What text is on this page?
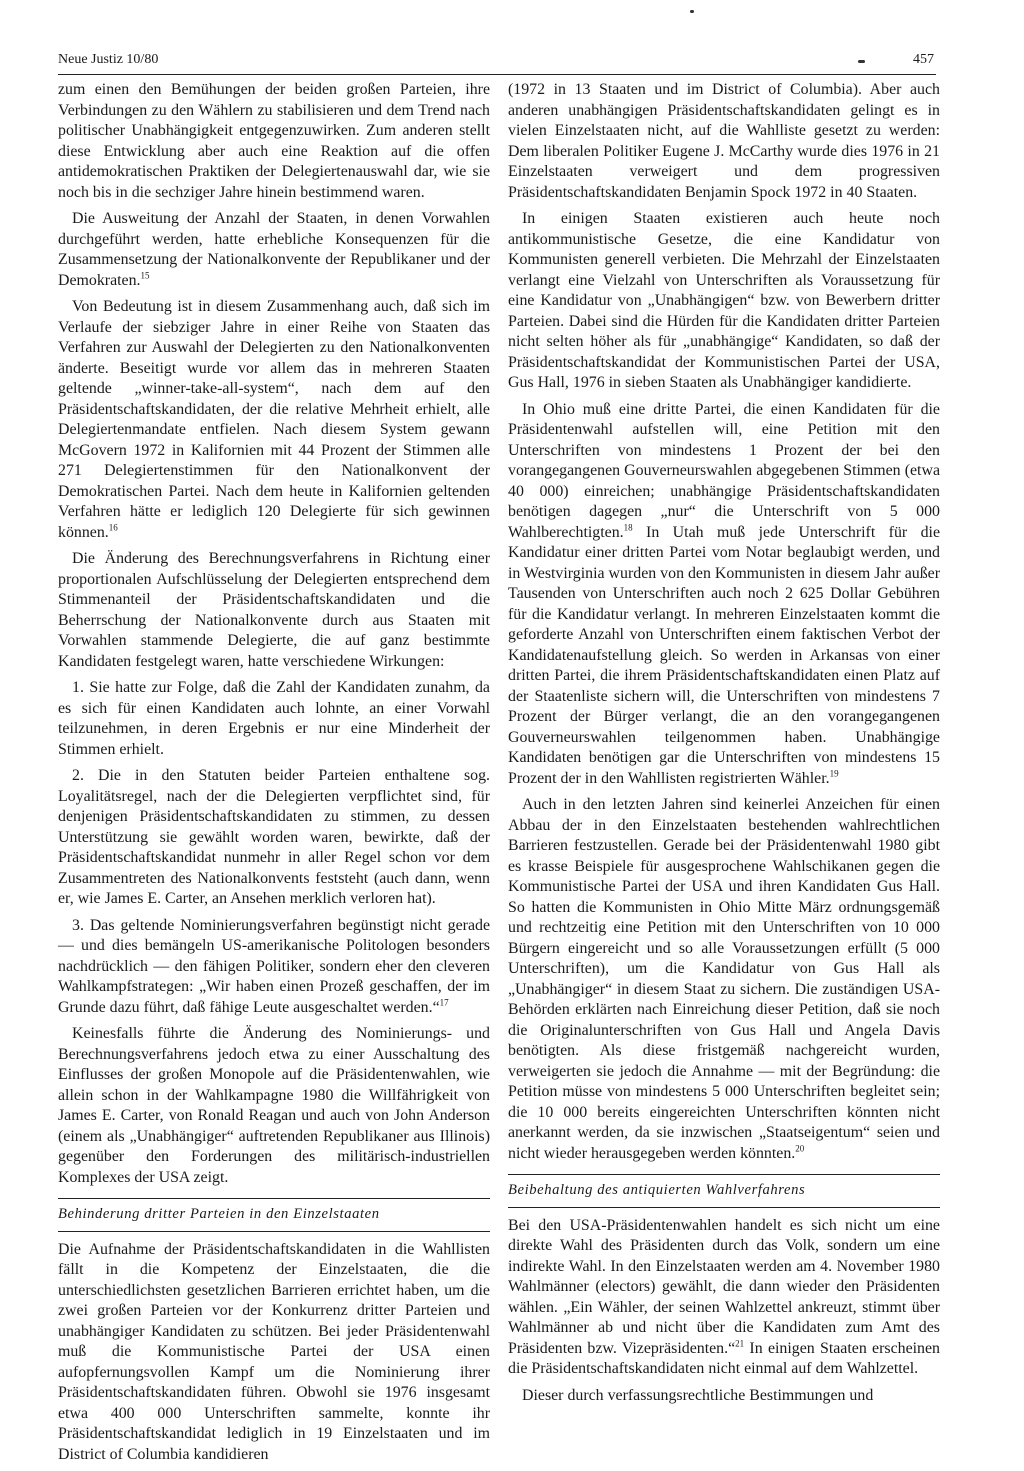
Neue Justiz 10/80	457

zum einen den Bemühungen der beiden großen Parteien, ihre Verbindungen zu den Wählern zu stabilisieren und dem Trend nach politischer Unabhängigkeit entgegenzuwirken. Zum anderen stellt diese Entwicklung aber auch eine Reaktion auf die offen antidemokratischen Praktiken der Delegiertenauswahl dar, wie sie noch bis in die sechziger Jahre hinein bestimmend waren.

Die Ausweitung der Anzahl der Staaten, in denen Vorwahlen durchgeführt werden, hatte erhebliche Konsequenzen für die Zusammensetzung der Nationalkonvente der Republikaner und der Demokraten.$^{15}$

Von Bedeutung ist in diesem Zusammenhang auch, daß sich im Verlaufe der siebziger Jahre in einer Reihe von Staaten das Verfahren zur Auswahl der Delegierten zu den Nationalkonventen änderte. Beseitigt wurde vor allem das in mehreren Staaten geltende „winner-take-all-system“, nach dem auf den Präsidentschaftskandidaten, der die relative Mehrheit erhielt, alle Delegiertenmandate entfielen. Nach diesem System gewann McGovern 1972 in Kalifornien mit 44 Prozent der Stimmen alle 271 Delegiertenstimmen für den Nationalkonvent der Demokratischen Partei. Nach dem heute in Kalifornien geltenden Verfahren hätte er lediglich 120 Delegierte für sich gewinnen können.$^{16}$

Die Änderung des Berechnungsverfahrens in Richtung einer proportionalen Aufschlüsselung der Delegierten entsprechend dem Stimmenanteil der Präsidentschaftskandidaten und die Beherrschung der Nationalkonvente durch aus Staaten mit Vorwahlen stammende Delegierte, die auf ganz bestimmte Kandidaten festgelegt waren, hatte verschiedene Wirkungen:

1. Sie hatte zur Folge, daß die Zahl der Kandidaten zunahm, da es sich für einen Kandidaten auch lohnte, an einer Vorwahl teilzunehmen, in deren Ergebnis er nur eine Minderheit der Stimmen erhielt.

2. Die in den Statuten beider Parteien enthaltene sog. Loyalitätsregel, nach der die Delegierten verpflichtet sind, für denjenigen Präsidentschaftskandidaten zu stimmen, zu dessen Unterstützung sie gewählt worden waren, bewirkte, daß der Präsidentschaftskandidat nunmehr in aller Regel schon vor dem Zusammentreten des Nationalkonvents feststeht (auch dann, wenn er, wie James E. Carter, an Ansehen merklich verloren hat).

3. Das geltende Nominierungsverfahren begünstigt nicht gerade — und dies bemängeln US-amerikanische Politologen besonders nachdrücklich — den fähigen Politiker, sondern eher den cleveren Wahlkampfstrategen: „Wir haben einen Prozeß geschaffen, der im Grunde dazu führt, daß fähige Leute ausgeschaltet werden.“$^{17}$

Keinesfalls führte die Änderung des Nominierungs- und Berechnungsverfahrens jedoch etwa zu einer Ausschaltung des Einflusses der großen Monopole auf die Präsidentenwahlen, wie allein schon in der Wahlkampagne 1980 die Willfährigkeit von James E. Carter, von Ronald Reagan und auch von John Anderson (einem als „Unabhängiger“ auftretenden Republikaner aus Illinois) gegenüber den Forderungen des militärisch-industriellen Komplexes der USA zeigt.

Behinderung dritter Parteien in den Einzelstaaten

Die Aufnahme der Präsidentschaftskandidaten in die Wahllisten fällt in die Kompetenz der Einzelstaaten, die die unterschiedlichsten gesetzlichen Barrieren errichtet haben, um die zwei großen Parteien vor der Konkurrenz dritter Parteien und unabhängiger Kandidaten zu schützen. Bei jeder Präsidentenwahl muß die Kommunistische Partei der USA einen aufopfernungsvollen Kampf um die Nominierung ihrer Präsidentschaftskandidaten führen. Obwohl sie 1976 insgesamt etwa 400 000 Unterschriften sammelte, konnte ihr Präsidentschaftskandidat lediglich in 19 Einzelstaaten und im District of Columbia kandidieren

(1972 in 13 Staaten und im District of Columbia). Aber auch anderen unabhängigen Präsidentschaftskandidaten gelingt es in vielen Einzelstaaten nicht, auf die Wahlliste gesetzt zu werden: Dem liberalen Politiker Eugene J. McCarthy wurde dies 1976 in 21 Einzelstaaten verweigert und dem progressiven Präsidentschaftskandidaten Benjamin Spock 1972 in 40 Staaten.

In einigen Staaten existieren auch heute noch antikommunistische Gesetze, die eine Kandidatur von Kommunisten generell verbieten. Die Mehrzahl der Einzelstaaten verlangt eine Vielzahl von Unterschriften als Voraussetzung für eine Kandidatur von „Unabhängigen“ bzw. von Bewerbern dritter Parteien. Dabei sind die Hürden für die Kandidaten dritter Parteien nicht selten höher als für „unabhängige“ Kandidaten, so daß der Präsidentschaftskandidat der Kommunistischen Partei der USA, Gus Hall, 1976 in sieben Staaten als Unabhängiger kandidierte.

In Ohio muß eine dritte Partei, die einen Kandidaten für die Präsidentenwahl aufstellen will, eine Petition mit den Unterschriften von mindestens 1 Prozent der bei den vorangegangenen Gouverneurswahlen abgegebenen Stimmen (etwa 40 000) einreichen; unabhängige Präsidentschaftskandidaten benötigen dagegen „nur“ die Unterschrift von 5 000 Wahlberechtigten.$^{18}$ In Utah muß jede Unterschrift für die Kandidatur einer dritten Partei vom Notar beglaubigt werden, und in Westvirginia wurden von den Kommunisten in diesem Jahr außer Tausenden von Unterschriften auch noch 2 625 Dollar Gebühren für die Kandidatur verlangt. In mehreren Einzelstaaten kommt die geforderte Anzahl von Unterschriften einem faktischen Verbot der Kandidatenaufstellung gleich. So werden in Arkansas von einer dritten Partei, die ihrem Präsidentschaftskandidaten einen Platz auf der Staatenliste sichern will, die Unterschriften von mindestens 7 Prozent der Bürger verlangt, die an den vorangegangenen Gouverneurswahlen teilgenommen haben. Unabhängige Kandidaten benötigen gar die Unterschriften von mindestens 15 Prozent der in den Wahllisten registrierten Wähler.$^{19}$

Auch in den letzten Jahren sind keinerlei Anzeichen für einen Abbau der in den Einzelstaaten bestehenden wahlrechtlichen Barrieren festzustellen. Gerade bei der Präsidentenwahl 1980 gibt es krasse Beispiele für ausgesprochene Wahlschikanen gegen die Kommunistische Partei der USA und ihren Kandidaten Gus Hall. So hatten die Kommunisten in Ohio Mitte März ordnungsgemäß und rechtzeitig eine Petition mit den Unterschriften von 10 000 Bürgern eingereicht und so alle Voraussetzungen erfüllt (5 000 Unterschriften), um die Kandidatur von Gus Hall als „Unabhängiger“ in diesem Staat zu sichern. Die zuständigen USA-Behörden erklärten nach Einreichung dieser Petition, daß sie noch die Originalunterschriften von Gus Hall und Angela Davis benötigten. Als diese fristgemäß nachgereicht wurden, verweigerten sie jedoch die Annahme — mit der Begründung: die Petition müsse von mindestens 5 000 Unterschriften begleitet sein; die 10 000 bereits eingereichten Unterschriften könnten nicht anerkannt werden, da sie inzwischen „Staatseigentum“ seien und nicht wieder herausgegeben werden könnten.$^{20}$

Beibehaltung des antiquierten Wahlverfahrens

Bei den USA-Präsidentenwahlen handelt es sich nicht um eine direkte Wahl des Präsidenten durch das Volk, sondern um eine indirekte Wahl. In den Einzelstaaten werden am 4. November 1980 Wahlmänner (electors) gewählt, die dann wieder den Präsidenten wählen. „Ein Wähler, der seinen Wahlzettel ankreuzt, stimmt über Wahlmänner ab und nicht über die Kandidaten zum Amt des Präsidenten bzw. Vizepräsidenten.“$^{21}$ In einigen Staaten erscheinen die Präsidentschaftskandidaten nicht einmal auf dem Wahlzettel.

Dieser durch verfassungsrechtliche Bestimmungen und
